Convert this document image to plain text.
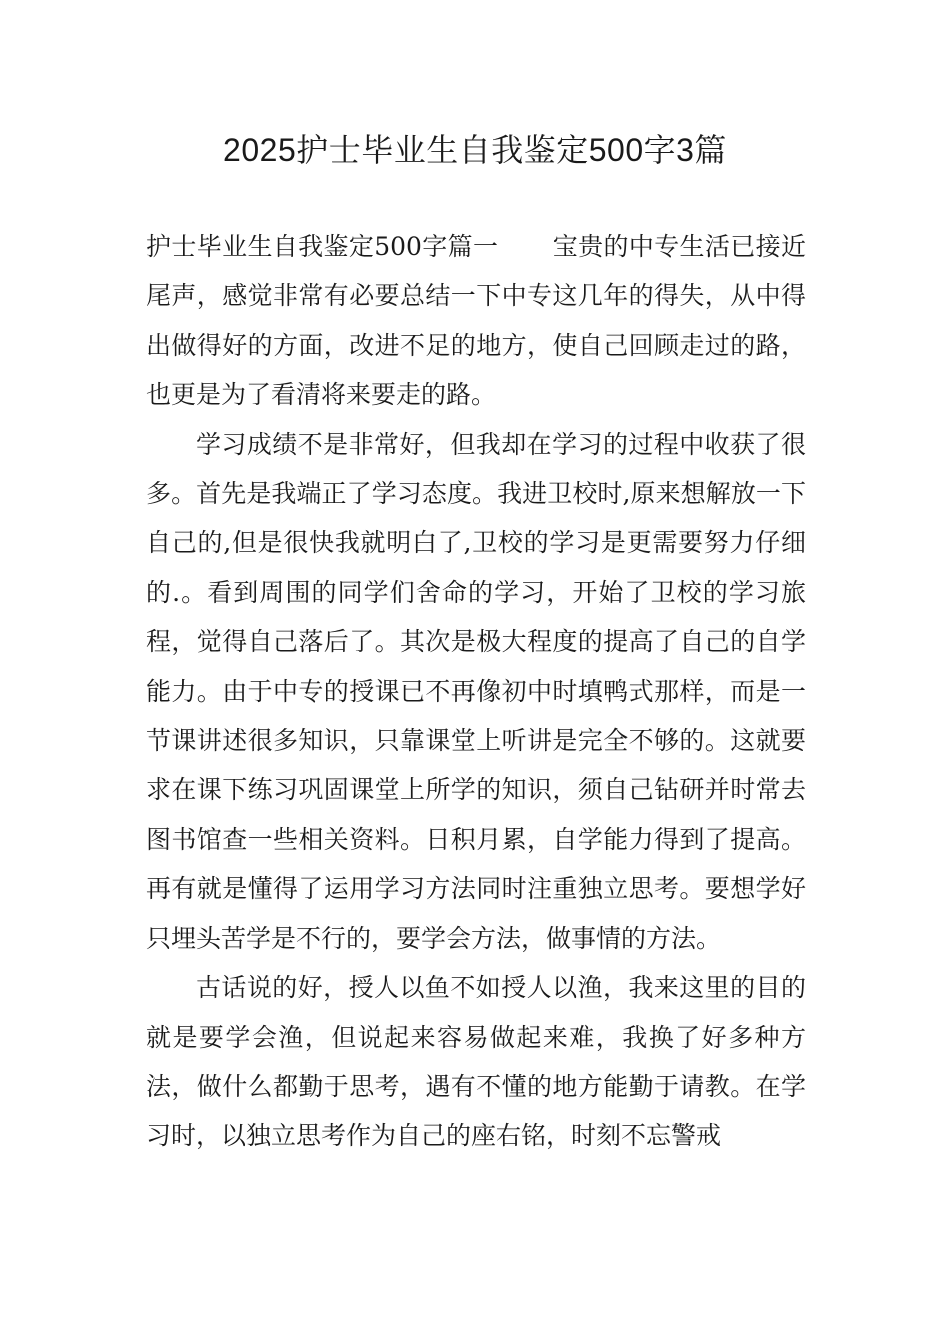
2025护士毕业生自我鉴定500字3篇

护士毕业生自我鉴定500字篇一 宝贵的中专生活已接近尾声，感觉非常有必要总结一下中专这几年的得失，从中得出做得好的方面，改进不足的地方，使自己回顾走过的路，也更是为了看清将来要走的路。

学习成绩不是非常好，但我却在学习的过程中收获了很多。首先是我端正了学习态度。我进卫校时,原来想解放一下自己的,但是很快我就明白了,卫校的学习是更需要努力仔细的.。看到周围的同学们舍命的学习，开始了卫校的学习旅程，觉得自己落后了。其次是极大程度的提高了自己的自学能力。由于中专的授课已不再像初中时填鸭式那样，而是一节课讲述很多知识，只靠课堂上听讲是完全不够的。这就要求在课下练习巩固课堂上所学的知识，须自己钻研并时常去图书馆查一些相关资料。日积月累，自学能力得到了提高。再有就是懂得了运用学习方法同时注重独立思考。要想学好只埋头苦学是不行的，要学会方法，做事情的方法。

古话说的好，授人以鱼不如授人以渔，我来这里的目的就是要学会渔，但说起来容易做起来难，我换了好多种方法，做什么都勤于思考，遇有不懂的地方能勤于请教。在学习时，以独立思考作为自己的座右铭，时刻不忘警戒
